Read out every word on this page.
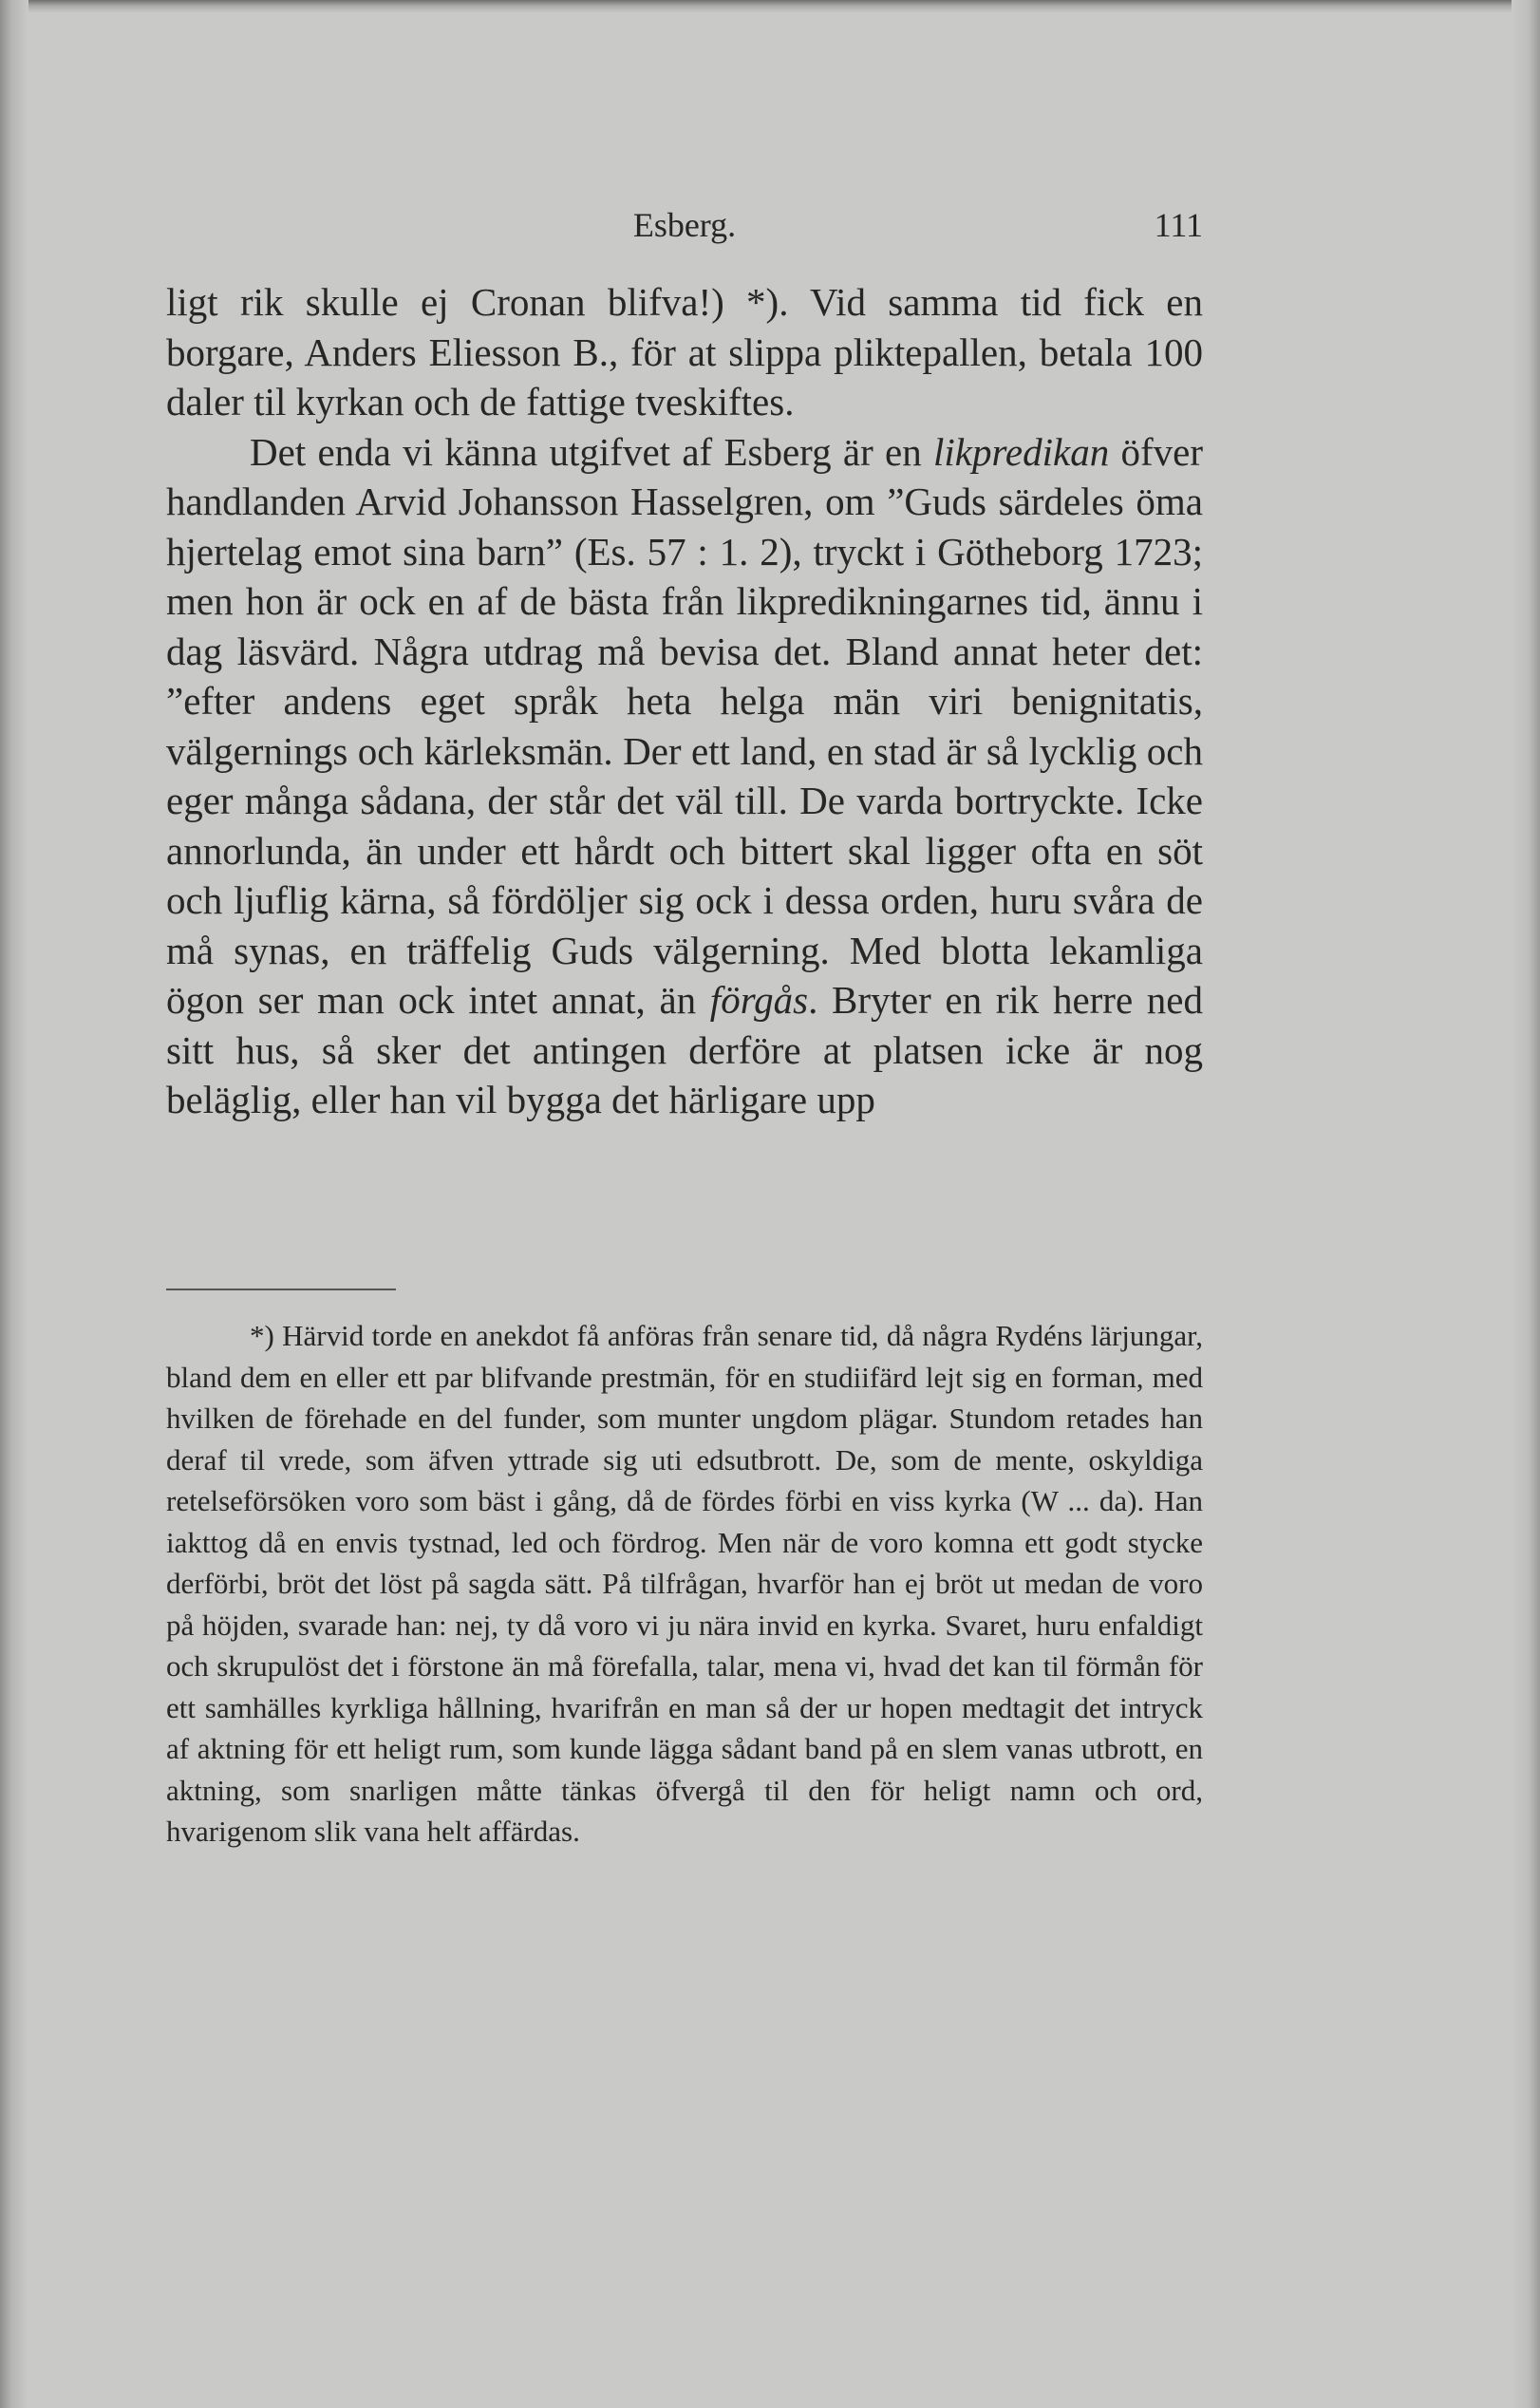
Esberg.	111

ligt rik skulle ej Cronan blifva!) *). Vid samma tid fick en borgare, Anders Eliesson B., för at slippa pliktepallen, betala 100 daler til kyrkan och de fattige tveskiftes.

Det enda vi känna utgifvet af Esberg är en likpredikan öfver handlanden Arvid Johansson Hasselgren, om ”Guds särdeles öma hjertelag emot sina barn” (Es. 57 : 1. 2), tryckt i Götheborg 1723; men hon är ock en af de bästa från likpredikningarnes tid, ännu i dag läsvärd. Några utdrag må bevisa det. Bland annat heter det: ”efter andens eget språk heta helga män viri benignitatis, välgernings och kärleksmän. Der ett land, en stad är så lycklig och eger många sådana, der står det väl till. De varda bortryckte. Icke annorlunda, än under ett hårdt och bittert skal ligger ofta en söt och ljuflig kärna, så fördöljer sig ock i dessa orden, huru svåra de må synas, en träffelig Guds välgerning. Med blotta lekamliga ögon ser man ock intet annat, än förgås. Bryter en rik herre ned sitt hus, så sker det antingen derföre at platsen icke är nog beläglig, eller han vil bygga det härligare upp

*) Härvid torde en anekdot få anföras från senare tid, då några Rydéns lärjungar, bland dem en eller ett par blifvande prestmän, för en studiifärd lejt sig en forman, med hvilken de förehade en del funder, som munter ungdom plägar. Stundom retades han deraf til vrede, som äfven yttrade sig uti edsutbrott. De, som de mente, oskyldiga retelseförsöken voro som bäst i gång, då de fördes förbi en viss kyrka (W ... da). Han iakttog då en envis tystnad, led och fördrog. Men när de voro komna ett godt stycke derförbi, bröt det löst på sagda sätt. På tilfrågan, hvarför han ej bröt ut medan de voro på höjden, svarade han: nej, ty då voro vi ju nära invid en kyrka. Svaret, huru enfaldigt och skrupulöst det i förstone än må förefalla, talar, mena vi, hvad det kan til förmån för ett samhälles kyrkliga hållning, hvarifrån en man så der ur hopen medtagit det intryck af aktning för ett heligt rum, som kunde lägga sådant band på en slem vanas utbrott, en aktning, som snarligen måtte tänkas öfvergå til den för heligt namn och ord, hvarigenom slik vana helt affärdas.
